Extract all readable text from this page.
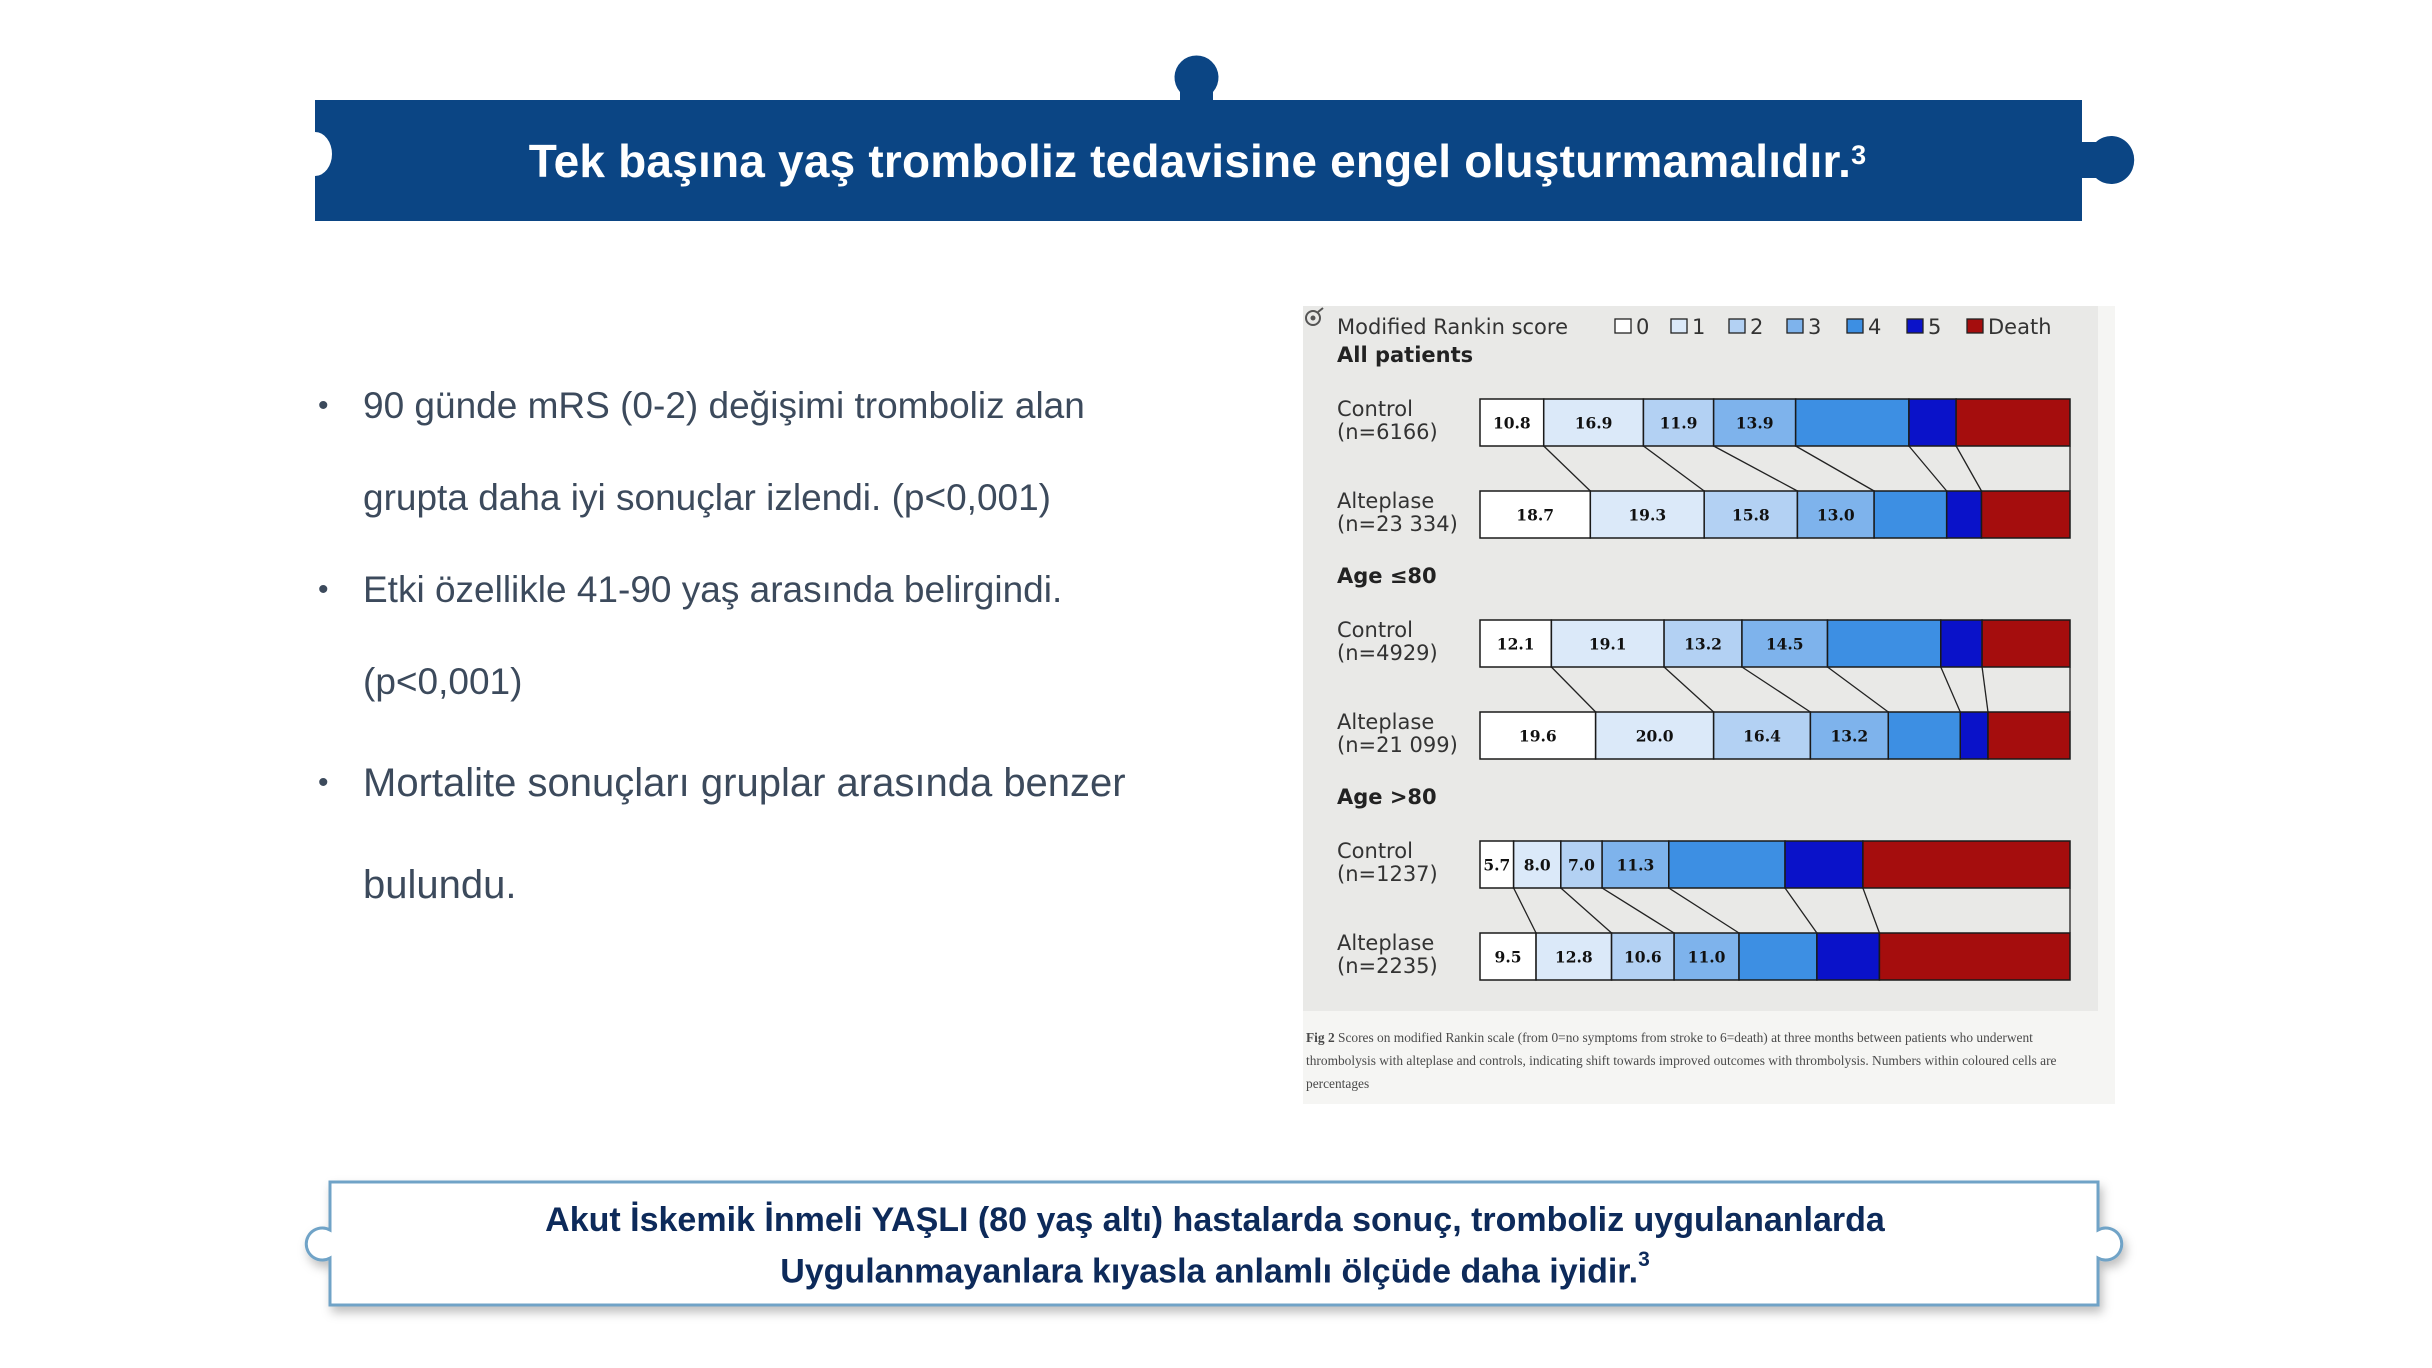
Tek başına yaş tromboliz tedavisine engel oluşturmamalıdır.$^3$
• 90 günde mRS (0-2) değişimi tromboliz alan
grupta daha iyi sonuçlar izlendi. (p<0,001)
• Etki özellikle 41-90 yaş arasında belirgindi.
(p<0,001)
• Mortalite sonuçları gruplar arasında benzer
bulundu.
Modified Rankin score	0 1 2 3 4 5 Death
All patients
Control
(n=6166)	10.8	16.9	11.9 13.9
Alteplase
(n=23 334)	18.7	19.3	15.8	13.0
Age ≤80
Control
(n=4929)	12.1	19.1	13.2	14.5
Alteplase
(n=21 099)	19.6	20.0	16.4	13.2
Age >80
Control
(n=1237)	5.7 8.0 7.0 11.3
Alteplase
(n=2235)	9.5 12.8 10.6 11.0
Fig 2 Scores on modified Rankin scale (from 0=no symptoms from stroke to 6=death) at three months between patients who underwent thrombolysis with alteplase and controls, indicating shift towards improved outcomes with thrombolysis. Numbers within coloured cells are percentages
Akut İskemik İnmeli YAŞLI (80 yaş altı) hastalarda sonuç, tromboliz uygulananlarda
Uygulanmayanlara kıyasla anlamlı ölçüde daha iyidir.$^3$
